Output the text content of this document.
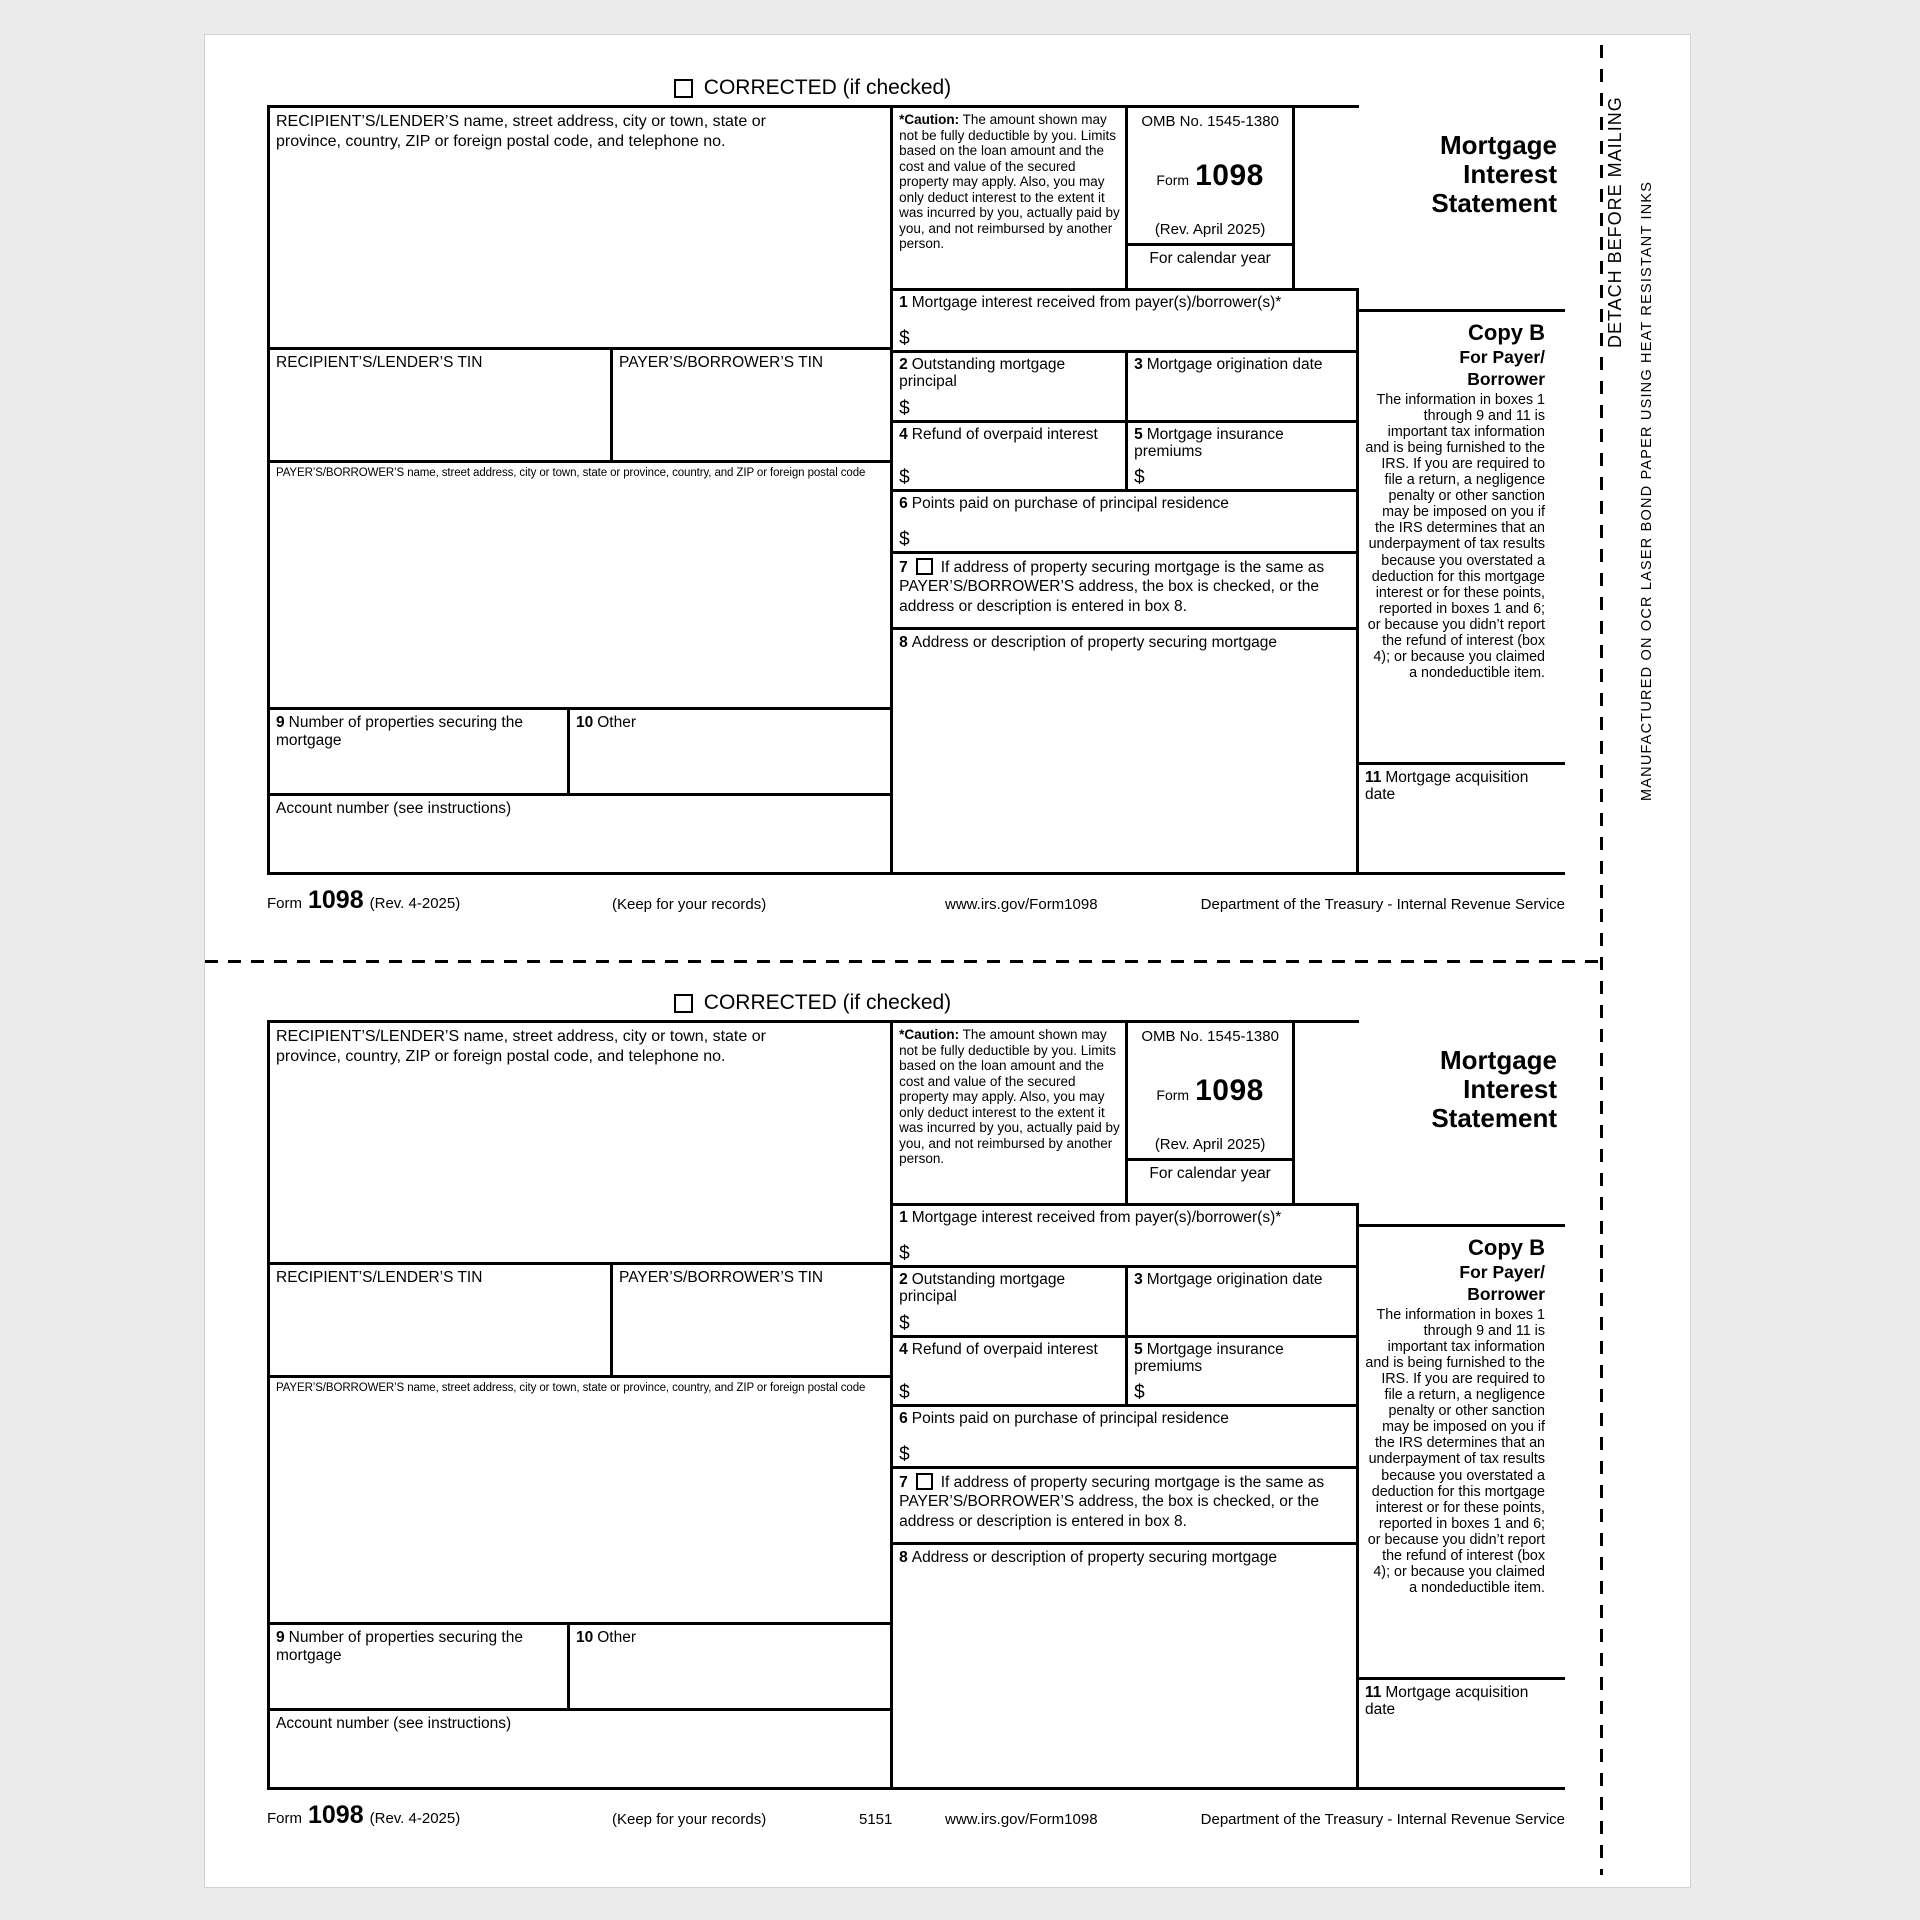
DETACH BEFORE MAILING MANUFACTURED ON OCR LASER BOND PAPER USING HEAT RESISTANT INKS
CORRECTED (if checked)
RECIPIENT’S/LENDER’S name, street address, city or town, state or province, country, ZIP or foreign postal code, and telephone no.
RECIPIENT’S/LENDER’S TIN	PAYER’S/BORROWER’S TIN
PAYER’S/BORROWER’S name, street address, city or town, state or province, country, and ZIP or foreign postal code
9 Number of properties securing the mortgage
10 Other
Account number (see instructions)
*Caution: The amount shown may not be fully deductible by you. Limits based on the loan amount and the cost and value of the secured property may apply. Also, you may only deduct interest to the extent it was incurred by you, actually paid by you, and not reimbursed by another person.
OMB No. 1545-1380
Form 1098
(Rev. April 2025)
For calendar year
1 Mortgage interest received from payer(s)/borrower(s)*
$
2 Outstanding mortgage principal
$
3 Mortgage origination date
4 Refund of overpaid interest
$
5 Mortgage insurance premiums
$
6 Points paid on purchase of principal residence
$
7 If address of property securing mortgage is the same as PAYER’S/BORROWER’S address, the box is checked, or the address or description is entered in box 8.
8 Address or description of property securing mortgage
Mortgage Interest Statement
Copy B
For Payer/
Borrower
The information in boxes 1 through 9 and 11 is important tax information and is being furnished to the IRS. If you are required to file a return, a negligence penalty or other sanction may be imposed on you if the IRS determines that an underpayment of tax results because you overstated a deduction for this mortgage interest or for these points, reported in boxes 1 and 6; or because you didn’t report the refund of interest (box 4); or because you claimed a nondeductible item.
11 Mortgage acquisition date
Form 1098 (Rev. 4-2025)	(Keep for your records)	www.irs.gov/Form1098	Department of the Treasury - Internal Revenue Service
CORRECTED (if checked)
RECIPIENT’S/LENDER’S name, street address, city or town, state or province, country, ZIP or foreign postal code, and telephone no.
RECIPIENT’S/LENDER’S TIN	PAYER’S/BORROWER’S TIN
PAYER’S/BORROWER’S name, street address, city or town, state or province, country, and ZIP or foreign postal code
9 Number of properties securing the mortgage
10 Other
Account number (see instructions)
*Caution: The amount shown may not be fully deductible by you. Limits based on the loan amount and the cost and value of the secured property may apply. Also, you may only deduct interest to the extent it was incurred by you, actually paid by you, and not reimbursed by another person.
OMB No. 1545-1380
Form 1098
(Rev. April 2025)
For calendar year
1 Mortgage interest received from payer(s)/borrower(s)*
$
2 Outstanding mortgage principal
$
3 Mortgage origination date
4 Refund of overpaid interest
$
5 Mortgage insurance premiums
$
6 Points paid on purchase of principal residence
$
7 If address of property securing mortgage is the same as PAYER’S/BORROWER’S address, the box is checked, or the address or description is entered in box 8.
8 Address or description of property securing mortgage
Mortgage Interest Statement
Copy B
For Payer/
Borrower
The information in boxes 1 through 9 and 11 is important tax information and is being furnished to the IRS. If you are required to file a return, a negligence penalty or other sanction may be imposed on you if the IRS determines that an underpayment of tax results because you overstated a deduction for this mortgage interest or for these points, reported in boxes 1 and 6; or because you didn’t report the refund of interest (box 4); or because you claimed a nondeductible item.
11 Mortgage acquisition date
Form 1098 (Rev. 4-2025)	(Keep for your records)	5151	www.irs.gov/Form1098	Department of the Treasury - Internal Revenue Service
